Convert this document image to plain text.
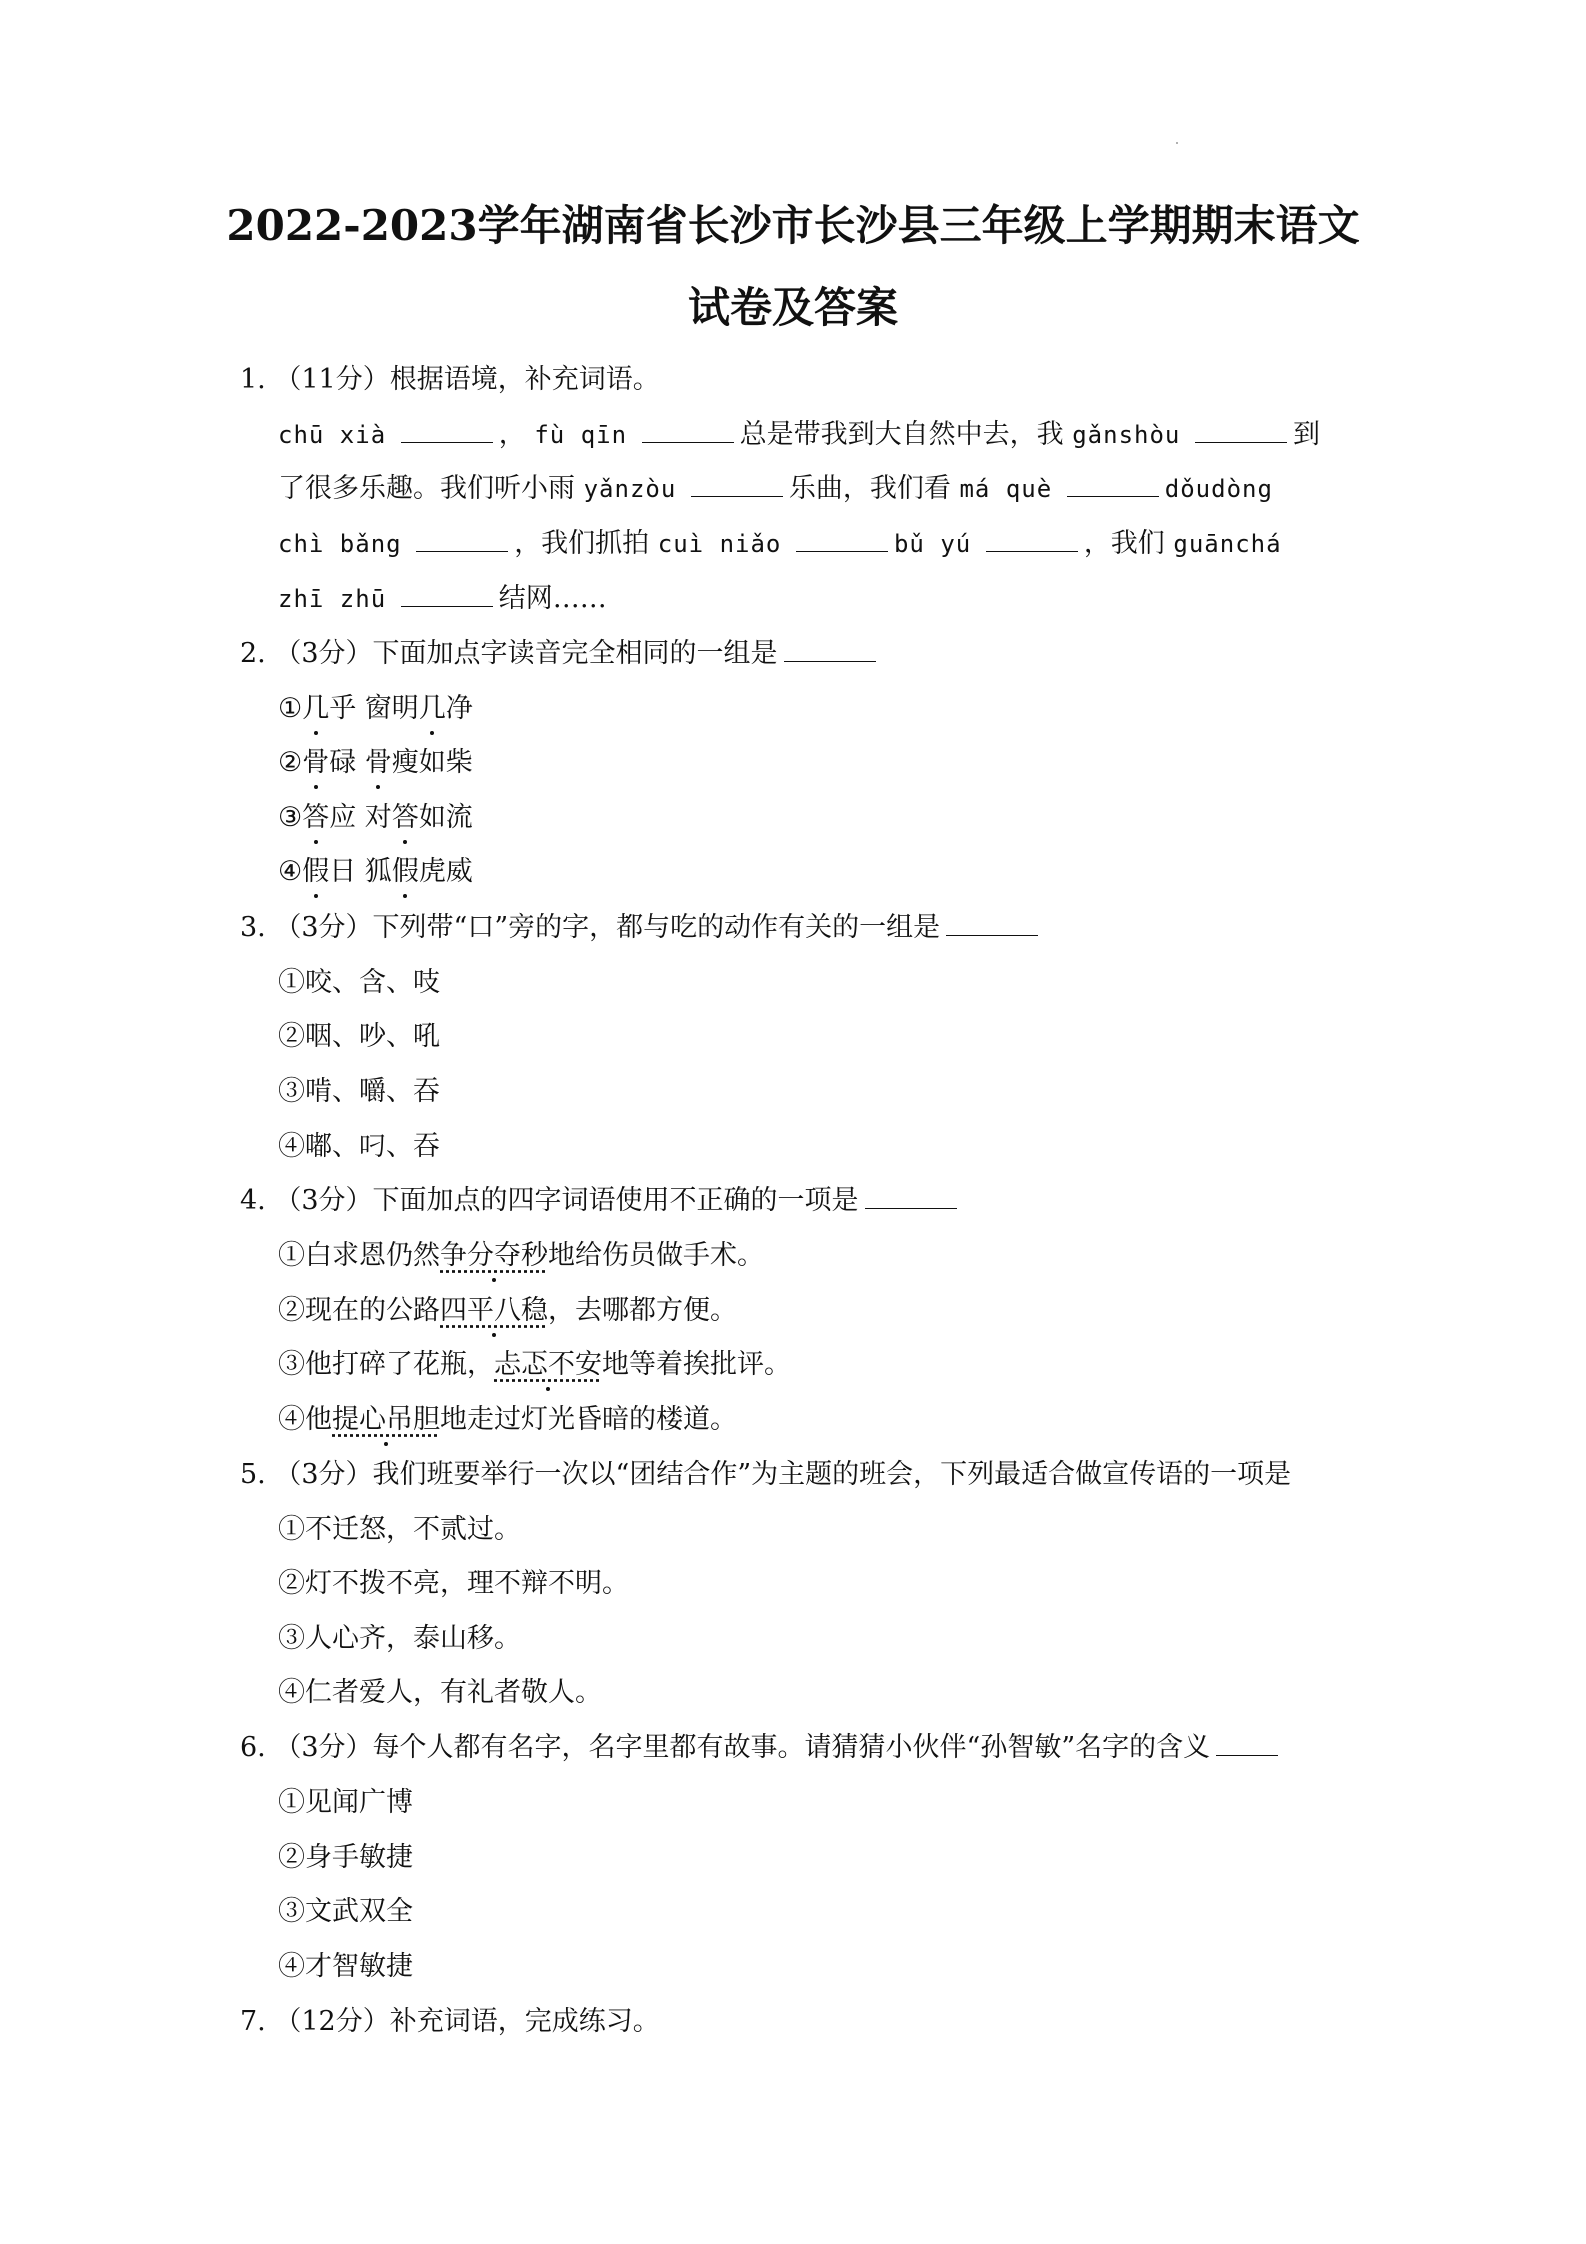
2022-2023学年湖南省长沙市长沙县三年级上学期期末语文
试卷及答案
1. （11分）根据语境，补充词语。
chū xià	， fù qīn	总是带我到大自然中去，我 gǎnshòu	到
了很多乐趣。我们听小雨 yǎnzòu	乐曲，我们看 má què	dǒudòng
chì bǎng	，我们抓拍 cuì niǎo	bǔ yú	，我们 guānchá
zhī zhū	结网……
2. （3分）下面加点字读音完全相同的一组是
①几乎 窗明几净
②骨碌 骨瘦如柴
③答应 对答如流
④假日 狐假虎威
3. （3分）下列带“口”旁的字，都与吃的动作有关的一组是
①咬、含、吱
②咽、吵、吼
③啃、嚼、吞
④嘟、叼、吞
4. （3分）下面加点的四字词语使用不正确的一项是
①白求恩仍然争分夺秒地给伤员做手术。
②现在的公路四平八稳，去哪都方便。
③他打碎了花瓶，忐忑不安地等着挨批评。
④他提心吊胆地走过灯光昏暗的楼道。
5. （3分）我们班要举行一次以“团结合作”为主题的班会，下列最适合做宣传语的一项是
①不迁怒，不贰过。
②灯不拨不亮，理不辩不明。
③人心齐，泰山移。
④仁者爱人，有礼者敬人。
6. （3分）每个人都有名字，名字里都有故事。请猜猜小伙伴“孙智敏”名字的含义
①见闻广博
②身手敏捷
③文武双全
④才智敏捷
7. （12分）补充词语，完成练习。
